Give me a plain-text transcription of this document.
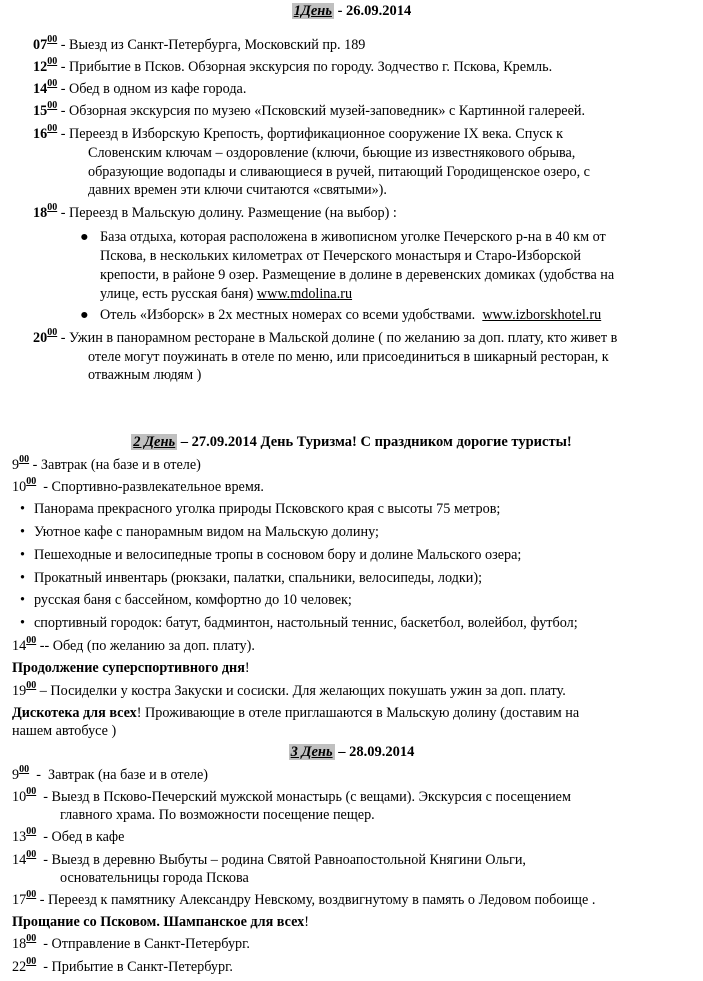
1День - 26.09.2014
$07^{00}$ - Выезд из Санкт-Петербурга, Московский пр. 189
$12^{00}$ - Прибытие в Псков. Обзорная экскурсия по городу. Зодчество г. Пскова, Кремль.
$14^{00}$ - Обед в одном из кафе города.
$15^{00}$ - Обзорная экскурсия по музею «Псковский музей-заповедник» с Картинной галереей.
$16^{00}$ - Переезд в Изборскую Крепость, фортификационное сооружение IX века. Спуск к
Словенским ключам – оздоровление (ключи, бьющие из известнякового обрыва,
образующие водопады и сливающиеся в ручей, питающий Городищенское озеро, с
давних времен эти ключи считаются «святыми»).
$18^{00}$ - Переезд в Мальскую долину. Размещение (на выбор) :
● База отдыха, которая расположена в живописном уголке Печерского р-на в 40 км от
Пскова, в нескольких километрах от Печерского монастыря и Старо-Изборской
крепости, в районе 9 озер. Размещение в долине в деревенских домиках (удобства на
улице, есть русская баня) www.mdolina.ru
● Отель «Изборск» в 2х местных номерах со всеми удобствами.  www.izborskhotel.ru
$20^{00}$ - Ужин в панорамном ресторане в Мальской долине ( по желанию за доп. плату, кто живет в
отеле могут поужинать в отеле по меню, или присоединиться в шикарный ресторан, к
отважным людям )
2 День – 27.09.2014 День Туризма! С праздником дорогие туристы!
$9^{00}$ - Завтрак (на базе и в отеле)
$10^{00}$  - Спортивно-развлекательное время.
• Панорама прекрасного уголка природы Псковского края с высоты 75 метров;
• Уютное кафе с панорамным видом на Мальскую долину;
• Пешеходные и велосипедные тропы в сосновом бору и долине Мальского озера;
• Прокатный инвентарь (рюкзаки, палатки, спальники, велосипеды, лодки);
• русская баня с бассейном, комфортно до 10 человек;
• спортивный городок: батут, бадминтон, настольный теннис, баскетбол, волейбол, футбол;
$14^{00}$ -- Обед (по желанию за доп. плату).
Продолжение суперспортивного дня!
$19^{00}$ – Посиделки у костра Закуски и сосиски. Для желающих покушать ужин за доп. плату.
Дискотека для всех! Проживающие в отеле приглашаются в Мальскую долину (доставим на
нашем автобусе )
3 День – 28.09.2014
$9^{00}$  -  Завтрак (на базе и в отеле)
$10^{00}$  - Выезд в Псково-Печерский мужской монастырь (с вещами). Экскурсия с посещением
главного храма. По возможности посещение пещер.
$13^{00}$  - Обед в кафе
$14^{00}$  - Выезд в деревню Выбуты – родина Святой Равноапостольной Княгини Ольги,
основательницы города Пскова
$17^{00}$ - Переезд к памятнику Александру Невскому, воздвигнутому в память о Ледовом побоище .
Прощание со Псковом. Шампанское для всех!
$18^{00}$  - Отправление в Санкт-Петербург.
$22^{00}$  - Прибытие в Санкт-Петербург.
